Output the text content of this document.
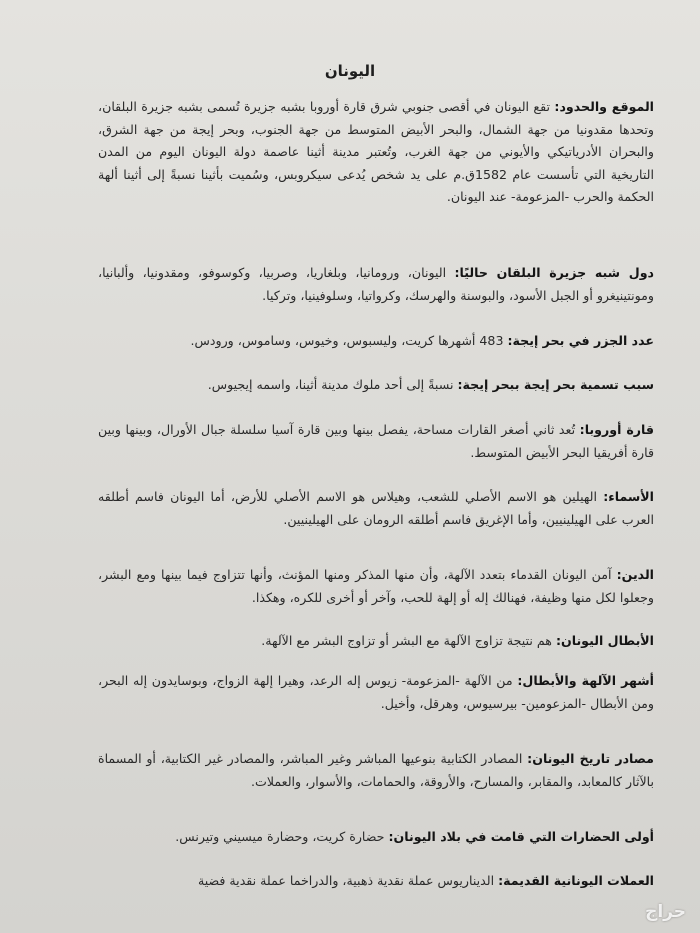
اليونان

الموقع والحدود: تقع اليونان في أقصى جنوبي شرق قارة أوروبا بشبه جزيرة تُسمى بشبه جزيرة البلقان، وتحدها مقدونيا من جهة الشمال، والبحر الأبيض المتوسط من جهة الجنوب، وبحر إيجة من جهة الشرق، والبحران الأدرياتيكي والأيوني من جهة الغرب، وتُعتبر مدينة أثينا عاصمة دولة اليونان اليوم من المدن التاريخية التي تأسست عام 1582ق.م على يد شخص يُدعى سيكروبس، وسُميت بأثينا نسبةً إلى أثينا ألهة الحكمة والحرب -المزعومة- عند اليونان.

دول شبه جزيرة البلقان حاليًا: اليونان، ورومانيا، وبلغاريا، وصربيا، وكوسوفو، ومقدونيا، وألبانيا، ومونتينيغرو أو الجبل الأسود، والبوسنة والهرسك، وكرواتيا، وسلوفينيا، وتركيا.

عدد الجزر في بحر إيجة: 483 أشهرها كريت، وليسبوس، وخيوس، وساموس، ورودس.

سبب تسمية بحر إيجة ببحر إيجة: نسبةً إلى أحد ملوك مدينة أثينا، واسمه إيجيوس.

قارة أوروبا: تُعد ثاني أصغر القارات مساحة، يفصل بينها وبين قارة آسيا سلسلة جبال الأورال، وبينها وبين قارة أفريقيا البحر الأبيض المتوسط.

الأسماء: الهيلين هو الاسم الأصلي للشعب، وهيلاس هو الاسم الأصلي للأرض، أما اليونان فاسم أطلقه العرب على الهيلينيين، وأما الإغريق فاسم أطلقه الرومان على الهيلينيين.

الدين: آمن اليونان القدماء بتعدد الآلهة، وأن منها المذكر ومنها المؤنث، وأنها تتزاوج فيما بينها ومع البشر، وجعلوا لكل منها وظيفة، فهنالك إله أو إلهة للحب، وآخر أو أخرى للكره، وهكذا.

الأبطال اليونان: هم نتيجة تزاوج الآلهة مع البشر أو تزاوج البشر مع الآلهة.

أشهر الآلهة والأبطال: من الآلهة -المزعومة- زيوس إله الرعد، وهيرا إلهة الزواج، وبوسايدون إله البحر، ومن الأبطال -المزعومين- بيرسيوس، وهرقل، وأخيل.

مصادر تاريخ اليونان: المصادر الكتابية بنوعيها المباشر وغير المباشر، والمصادر غير الكتابية، أو المسماة بالآثار كالمعابد، والمقابر، والمسارح، والأروقة، والحمامات، والأسوار، والعملات.

أولى الحضارات التي قامت في بلاد اليونان: حضارة كريت، وحضارة ميسيني وتيرنس.

العملات اليونانية القديمة: الديناريوس عملة نقدية ذهبية، والدراخما عملة نقدية فضية

حراج
